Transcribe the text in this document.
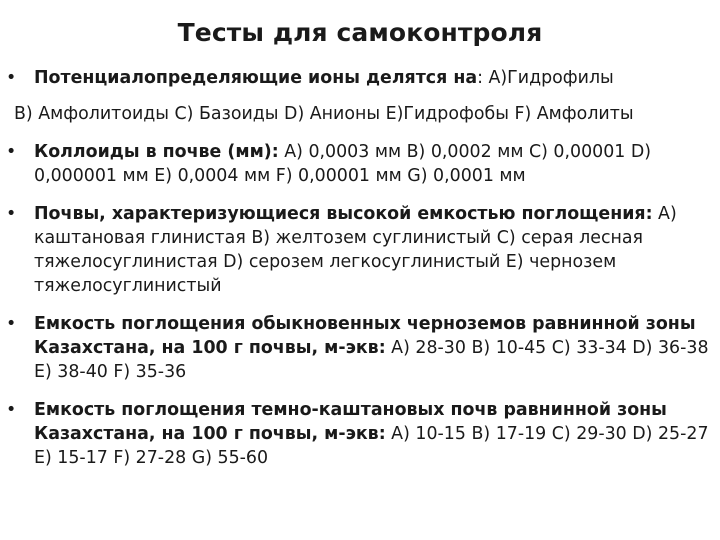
Тесты для самоконтроля
• Потенциалопределяющие ионы делятся на: А)Гидрофилы
В) Амфолитоиды С) Базоиды D) Анионы Е)Гидрофобы F) Амфолиты
• Коллоиды в почве (мм): А) 0,0003 мм В) 0,0002 мм С) 0,00001 D) 0,000001 мм Е) 0,0004 мм F) 0,00001 мм G) 0,0001 мм
• Почвы, характеризующиеся высокой емкостью поглощения: А) каштановая глинистая В) желтозем суглинистый С) серая лесная тяжелосуглинистая D) серозем легкосуглинистый Е) чернозем тяжелосуглинистый
• Емкость поглощения обыкновенных черноземов равнинной зоны Казахстана, на 100 г почвы, м-экв: А) 28-30 В) 10-45 С) 33-34 D) 36-38 Е) 38-40 F) 35-36
• Емкость поглощения темно-каштановых почв равнинной зоны Казахстана, на 100 г почвы, м-экв: А) 10-15 В) 17-19 С) 29-30 D) 25-27 Е) 15-17 F) 27-28 G) 55-60
